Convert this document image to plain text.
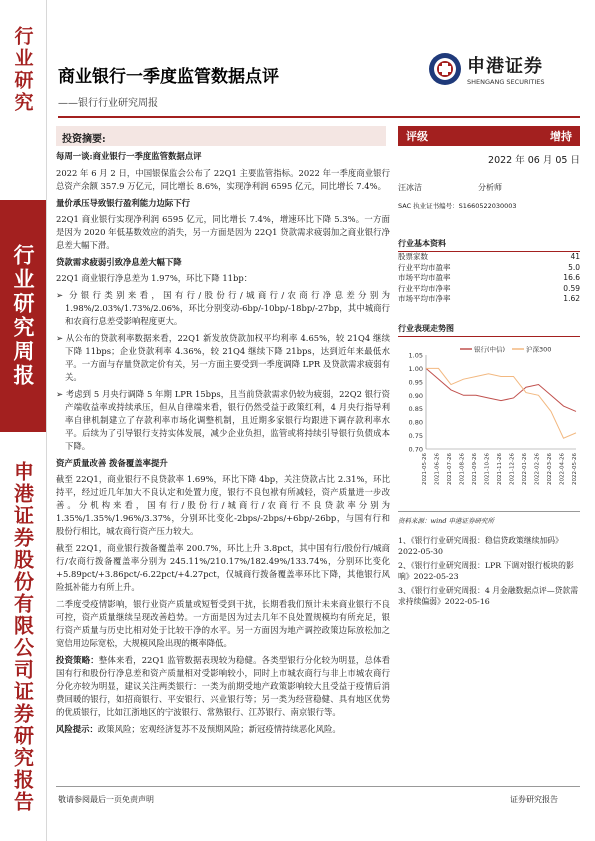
行业研究
行业研究周报
申港证券股份有限公司证券研究报告
商业银行一季度监管数据点评
——银行行业研究周报
申港证券
SHENGANG SECURITIES
投资摘要:

每周一谈:商业银行一季度监管数据点评

2022 年 6 月 2 日，中国银保监会公布了 22Q1 主要监管指标。2022 年一季度商业银行总资产余额 357.9 万亿元，同比增长 8.6%，实现净利润 6595 亿元，同比增长 7.4%。

量价承压导致银行盈利能力边际下行

22Q1 商业银行实现净利润 6595 亿元，同比增长 7.4%，增速环比下降 5.3%。一方面是因为 2020 年低基数效应的消失，另一方面是因为 22Q1 贷款需求疲弱加之商业银行净息差大幅下滑。

贷款需求疲弱引致净息差大幅下降

22Q1 商业银行净息差为 1.97%，环比下降 11bp：

➢ 分银行类别来看，国有行/股份行/城商行/农商行净息差分别为 1.98%/2.03%/1.73%/2.06%，环比分别变动-6bp/-10bp/-18bp/-27bp，其中城商行和农商行息差受影响程度更大。

➢ 从公布的贷款利率数据来看，22Q1 新发放贷款加权平均利率 4.65%，较 21Q4 继续下降 11bps；企业贷款利率 4.36%，较 21Q4 继续下降 21bps，达到近年来最低水平。一方面与存量贷款定价有关，另一方面主要受到一季度调降 LPR 及贷款需求疲弱有关。

➢ 考虑到 5 月央行调降 5 年期 LPR 15bps，且当前贷款需求仍较为疲弱，22Q2 银行资产端收益率或持续承压，但从自律端来看，银行仍然受益于政策红利，4 月央行指导利率自律机制建立了存款利率市场化调整机制，且近期多家银行均跟进下调存款利率水平。后续为了引导银行支持实体发展，减少企业负担，监管或将持续引导银行负债成本下降。

资产质量改善 拨备覆盖率提升

截至 22Q1，商业银行不良贷款率 1.69%，环比下降 4bp，关注贷款占比 2.31%，环比持平，经过近几年加大不良认定和处置力度，银行不良包袱有所减轻，资产质量进一步改善。分机构来看，国有行/股份行/城商行/农商行不良贷款率分别为 1.35%/1.35%/1.96%/3.37%，分别环比变化-2bps/-2bps/+6bp/-26bp，与国有行和股份行相比，城农商行资产压力较大。

截至 22Q1，商业银行拨备覆盖率 200.7%，环比上升 3.8pct，其中国有行/股份行/城商行/农商行拨备覆盖率分别为 245.11%/210.17%/182.49%/133.74%，分别环比变化+5.89pct/+3.86pct/-6.22pct/+4.27pct，仅城商行拨备覆盖率环比下降，其他银行风险抵补能力有所上升。

二季度受疫情影响，银行业资产质量或短暂受到干扰，长期看我们预计未来商业银行不良可控，资产质量继续呈现改善趋势。一方面是因为过去几年不良处置规模均有所充足，银行资产质量与历史比相对处于比较干净的水平。另一方面因为地产调控政策边际放松加之宽信用边际宽松，大规模风险出现的概率降低。

投资策略：整体来看，22Q1 监管数据表现较为稳健。各类型银行分化较为明显，总体看国有行和股份行净息差和资产质量相对受影响较小，同时上市城农商行与非上市城农商行分化亦较为明显，建议关注两类银行：一类为前期受地产政策影响较大且受益于疫情后消费回暖的银行，如招商银行、平安银行、兴业银行等；另一类为经营稳健、具有地区优势的优质银行，比如江浙地区的宁波银行、常熟银行、江苏银行、南京银行等。

风险提示：政策风险；宏观经济复苏不及预期风险；新冠疫情持续恶化风险。

评级	增持
2022 年 06 月 05 日
汪冰洁	分析师
SAC 执业证书编号：S1660522030003
行业基本资料
股票家数	41
行业平均市盈率	5.0
市场平均市盈率	16.6
行业平均市净率	0.59
市场平均市净率	1.62
行业表现走势图
1.05
1.00
0.95
0.90
0.85
0.80
0.75
0.70
2021-05-26 2021-06-26 2021-07-26 2021-08-26 2021-09-26 2021-10-26 2021-11-26 2021-12-26 2022-01-26 2022-02-26 2022-03-26 2022-04-26 2022-05-26
银行(中信)	沪深300
资料来源：wind 申港证券研究所

1、《银行行业研究周报：稳信贷政策继续加码》2022-05-30

2、《银行行业研究周报：LPR 下调对银行板块的影响》2022-05-23

3、《银行行业研究周报：4 月金融数据点评—贷款需求持续偏弱》2022-05-16

敬请参阅最后一页免责声明	证券研究报告
